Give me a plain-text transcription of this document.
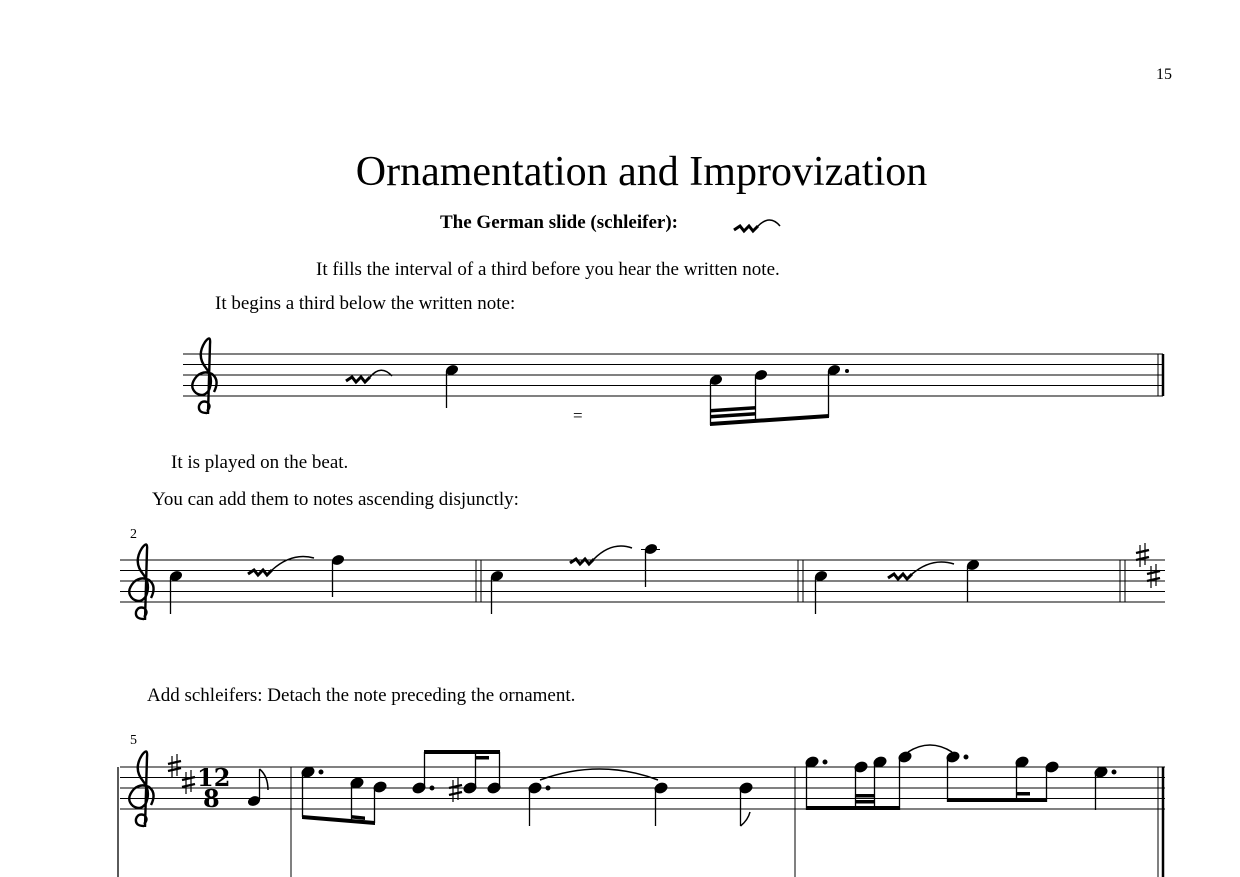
15
Ornamentation and Improvization
The German slide (schleifer):
It fills the interval of a third before you hear the written note.
It begins a third below the written note:
=
It is played on the beat.
You can add them to notes ascending disjunctly:
2
Add schleifers: Detach the note preceding the ornament.
5
12
8
